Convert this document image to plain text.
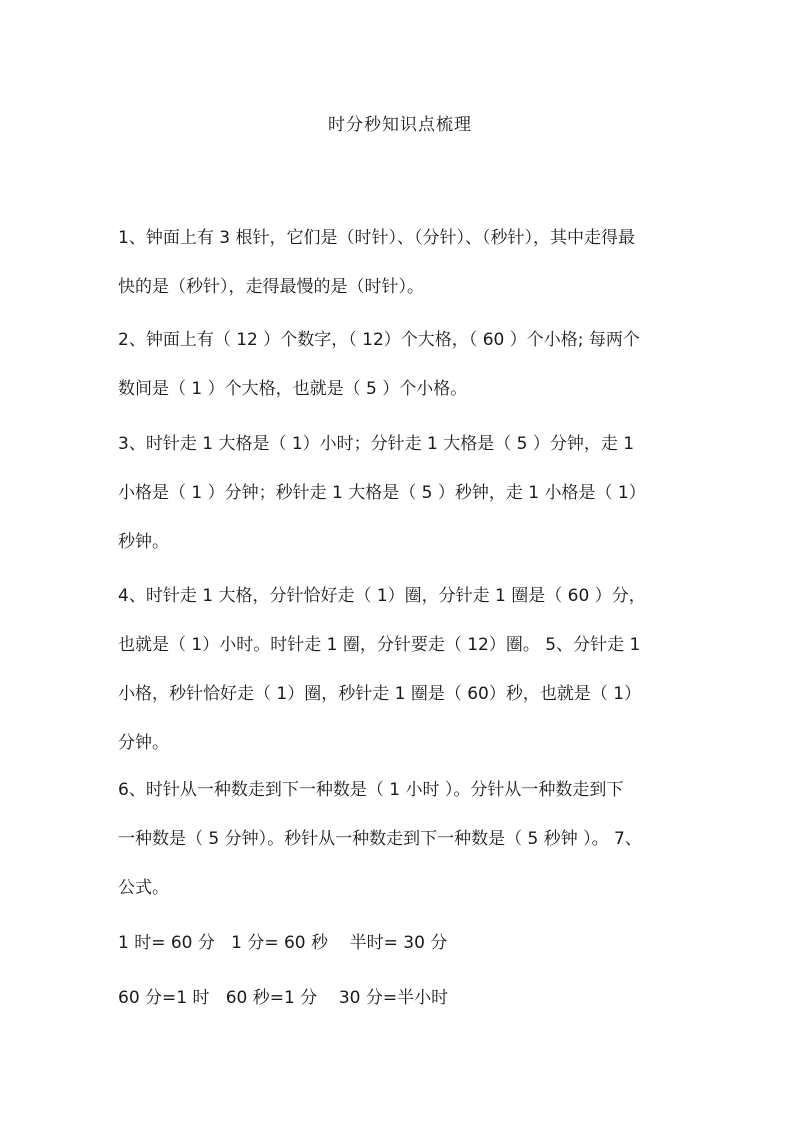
时分秒知识点梳理

1、钟面上有 3 根针，它们是（时针）、（分针）、（秒针），其中走得最
快的是（秒针），走得最慢的是（时针）。

2、钟面上有（ 12 ）个数字，（ 12）个大格，（ 60 ）个小格; 每两个
数间是（ 1 ）个大格，也就是（ 5 ）个小格。

3、时针走 1 大格是（ 1）小时；分针走 1 大格是（ 5 ）分钟，走 1
小格是（ 1 ）分钟；秒针走 1 大格是（ 5 ）秒钟，走 1 小格是（ 1）
秒钟。

4、时针走 1 大格，分针恰好走（ 1）圈，分针走 1 圈是（ 60 ）分，
也就是（ 1）小时。时针走 1 圈，分针要走（ 12）圈。 5、分针走 1
小格，秒针恰好走（ 1）圈，秒针走 1 圈是（ 60）秒，也就是（ 1）
分钟。

6、时针从一种数走到下一种数是（ 1 小时 ）。分针从一种数走到下
一种数是（ 5 分钟）。秒针从一种数走到下一种数是（ 5 秒钟 ）。 7、
公式。

1 时= 60 分   1 分= 60 秒    半时= 30 分

60 分=1 时   60 秒=1 分    30 分=半小时
